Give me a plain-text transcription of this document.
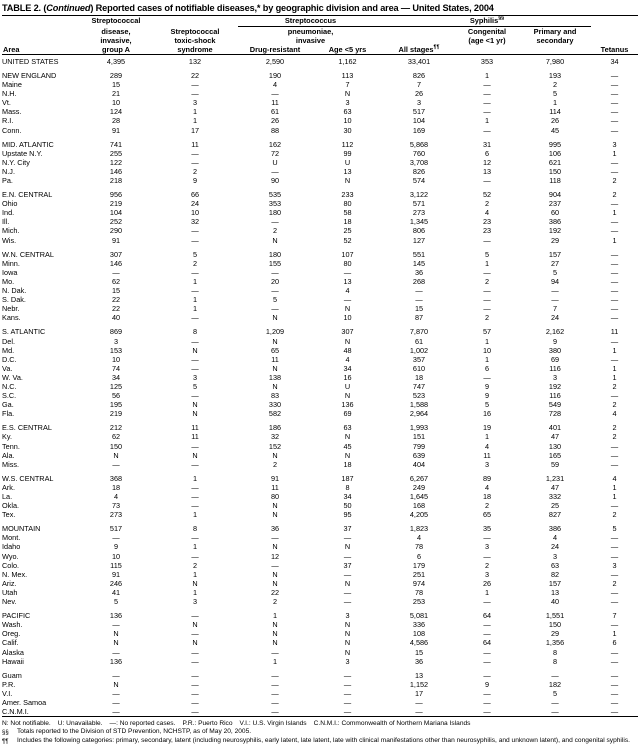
TABLE 2. (Continued) Reported cases of notifiable diseases,* by geographic division and area — United States, 2004
	Streptococcal		Streptococcus		Syphilis§§	

	disease,	Streptococcal	pneumoniae,			Congenital	Primary and	
	invasive,	toxic-shock	invasive			(age <1 yr)	secondary	
Area	group A	syndrome	Drug-resistant	Age <5 yrs	All stages¶¶			Tetanus
UNITED STATES	4,395	132	2,590	1,162	33,401	353	7,980	34

NEW ENGLAND	289	22	190	113	826	1	193	—
Maine	15	—	4	7	7	—	2	—
N.H.	21	—	—	N	26	—	5	—
Vt.	10	3	11	3	3	—	1	—
Mass.	124	1	61	63	517	—	114	—
R.I.	28	1	26	10	104	1	26	—
Conn.	91	17	88	30	169	—	45	—

MID. ATLANTIC	741	11	162	112	5,868	31	995	3
Upstate N.Y.	255	—	72	99	760	6	106	1
N.Y. City	122	—	U	U	3,708	12	621	—
N.J.	146	2	—	13	826	13	150	—
Pa.	218	9	90	N	574	—	118	2

E.N. CENTRAL	956	66	535	233	3,122	52	904	2
Ohio	219	24	353	80	571	2	237	—
Ind.	104	10	180	58	273	4	60	1
Ill.	252	32	—	18	1,345	23	386	—
Mich.	290	—	2	25	806	23	192	—
Wis.	91	—	N	52	127	—	29	1

W.N. CENTRAL	307	5	180	107	551	5	157	—
Minn.	146	2	155	80	145	1	27	—
Iowa	—	—	—	—	36	—	5	—
Mo.	62	1	20	13	268	2	94	—
N. Dak.	15	—	—	4	—	—	—	—
S. Dak.	22	1	5	—	—	—	—	—
Nebr.	22	1	—	N	15	—	7	—
Kans.	40	—	N	10	87	2	24	—

S. ATLANTIC	869	8	1,209	307	7,870	57	2,162	11
Del.	3	—	N	N	61	1	9	—
Md.	153	N	65	48	1,002	10	380	1
D.C.	10	—	11	4	357	1	69	—
Va.	74	—	N	34	610	6	116	1
W. Va.	34	3	138	16	18	—	3	1
N.C.	125	5	N	U	747	9	192	2
S.C.	56	—	83	N	523	9	116	—
Ga.	195	N	330	136	1,588	5	549	2
Fla.	219	N	582	69	2,964	16	728	4

E.S. CENTRAL	212	11	186	63	1,993	19	401	2
Ky.	62	11	32	N	151	1	47	2
Tenn.	150	—	152	45	799	4	130	—
Ala.	N	N	N	N	639	11	165	—
Miss.	—	—	2	18	404	3	59	—

W.S. CENTRAL	368	1	91	187	6,267	89	1,231	4
Ark.	18	—	11	8	249	4	47	1
La.	4	—	80	34	1,645	18	332	1
Okla.	73	—	N	50	168	2	25	—
Tex.	273	1	N	95	4,205	65	827	2

MOUNTAIN	517	8	36	37	1,823	35	386	5
Mont.	—	—	—	—	4	—	4	—
Idaho	9	1	N	N	78	3	24	—
Wyo.	10	—	12	—	6	—	3	—
Colo.	115	2	—	37	179	2	63	3
N. Mex.	91	1	N	—	251	3	82	—
Ariz.	246	N	N	N	974	26	157	2
Utah	41	1	22	—	78	1	13	—
Nev.	5	3	2	—	253	—	40	—

PACIFIC	136	—	1	3	5,081	64	1,551	7
Wash.	—	N	N	N	336	—	150	—
Oreg.	N	—	N	N	108	—	29	1
Calif.	N	N	N	N	4,586	64	1,356	6
Alaska	—	—	—	N	15	—	8	—
Hawaii	136	—	1	3	36	—	8	—

Guam	—	—	—	—	13	—	—	—
P.R.	N	—	—	—	1,152	9	182	—
V.I.	—	—	—	—	17	—	5	—
Amer. Samoa	—	—	—	—	—	—	—	—
C.N.M.I.	—	—	—	—	—	—	—	—
N: Not notifiable. U: Unavailable. —: No reported cases. P.R.: Puerto Rico V.I.: U.S. Virgin Islands C.N.M.I.: Commonwealth of Northern Mariana Islands
§§	Totals reported to the Division of STD Prevention, NCHSTP, as of May 20, 2005.
¶¶	Includes the following categories: primary, secondary, latent (including neurosyphilis, early latent, late latent, late with clinical manifestations other than neurosyphilis, and unknown latent), and congenital syphilis.
